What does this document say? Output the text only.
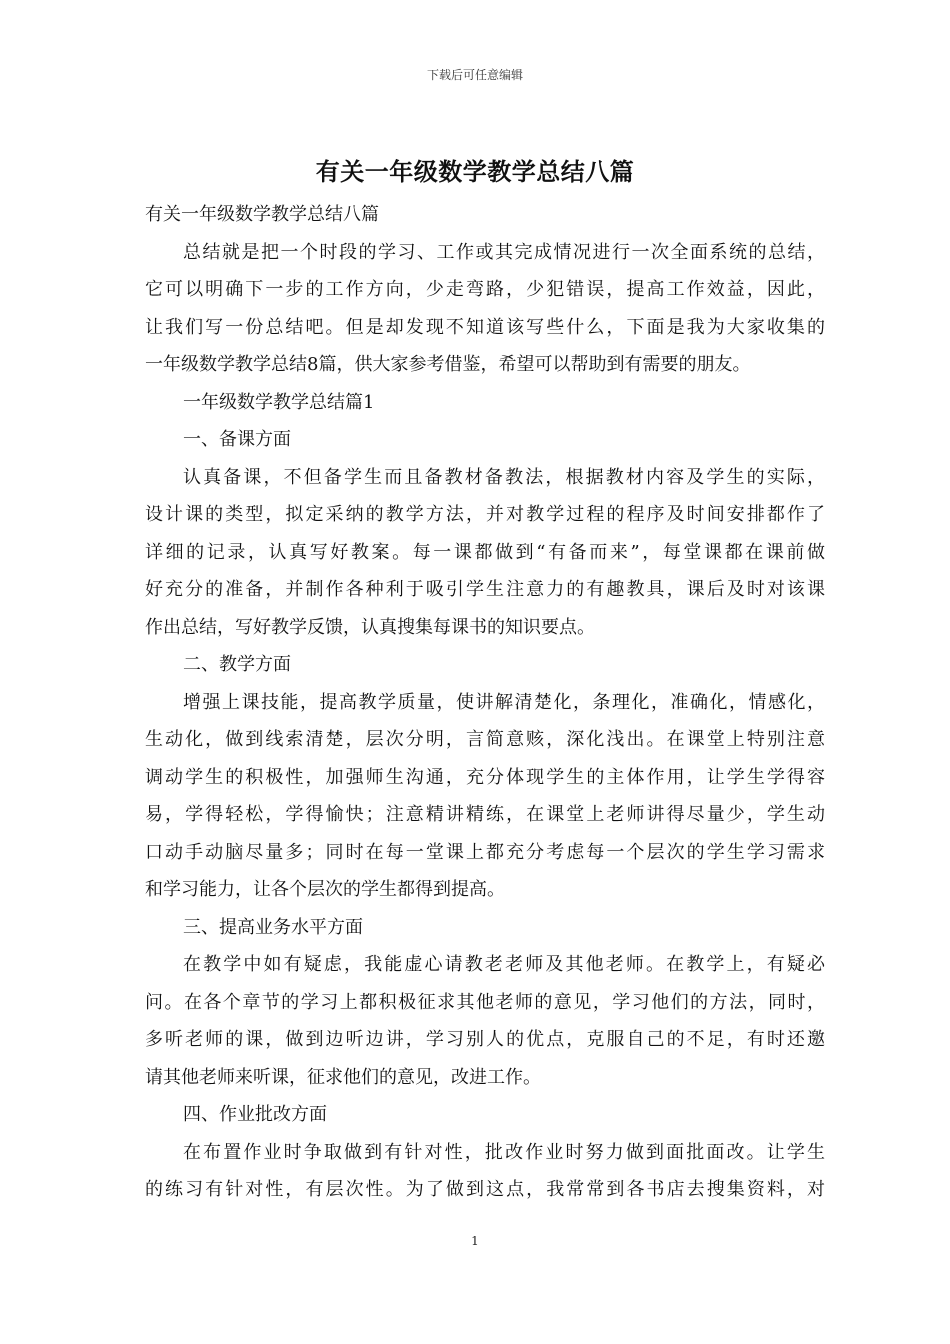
下载后可任意编辑
有关一年级数学教学总结八篇
有关一年级数学教学总结八篇
总结就是把一个时段的学习、工作或其完成情况进行一次全面系统的总结，
它可以明确下一步的工作方向，少走弯路，少犯错误，提高工作效益，因此，
让我们写一份总结吧。但是却发现不知道该写些什么，下面是我为大家收集的
一年级数学教学总结8篇，供大家参考借鉴，希望可以帮助到有需要的朋友。
一年级数学教学总结篇1
一、备课方面
认真备课，不但备学生而且备教材备教法，根据教材内容及学生的实际，
设计课的类型，拟定采纳的教学方法，并对教学过程的程序及时间安排都作了
详细的记录，认真写好教案。每一课都做到“有备而来”，每堂课都在课前做
好充分的准备，并制作各种利于吸引学生注意力的有趣教具，课后及时对该课
作出总结，写好教学反馈，认真搜集每课书的知识要点。
二、教学方面
增强上课技能，提高教学质量，使讲解清楚化，条理化，准确化，情感化，
生动化，做到线索清楚，层次分明，言简意赅，深化浅出。在课堂上特别注意
调动学生的积极性，加强师生沟通，充分体现学生的主体作用，让学生学得容
易，学得轻松，学得愉快；注意精讲精练，在课堂上老师讲得尽量少，学生动
口动手动脑尽量多；同时在每一堂课上都充分考虑每一个层次的学生学习需求
和学习能力，让各个层次的学生都得到提高。
三、提高业务水平方面
在教学中如有疑虑，我能虚心请教老老师及其他老师。在教学上，有疑必
问。在各个章节的学习上都积极征求其他老师的意见，学习他们的方法，同时，
多听老师的课，做到边听边讲，学习别人的优点，克服自己的不足，有时还邀
请其他老师来听课，征求他们的意见，改进工作。
四、作业批改方面
在布置作业时争取做到有针对性，批改作业时努力做到面批面改。让学生
的练习有针对性，有层次性。为了做到这点，我常常到各书店去搜集资料，对
1
